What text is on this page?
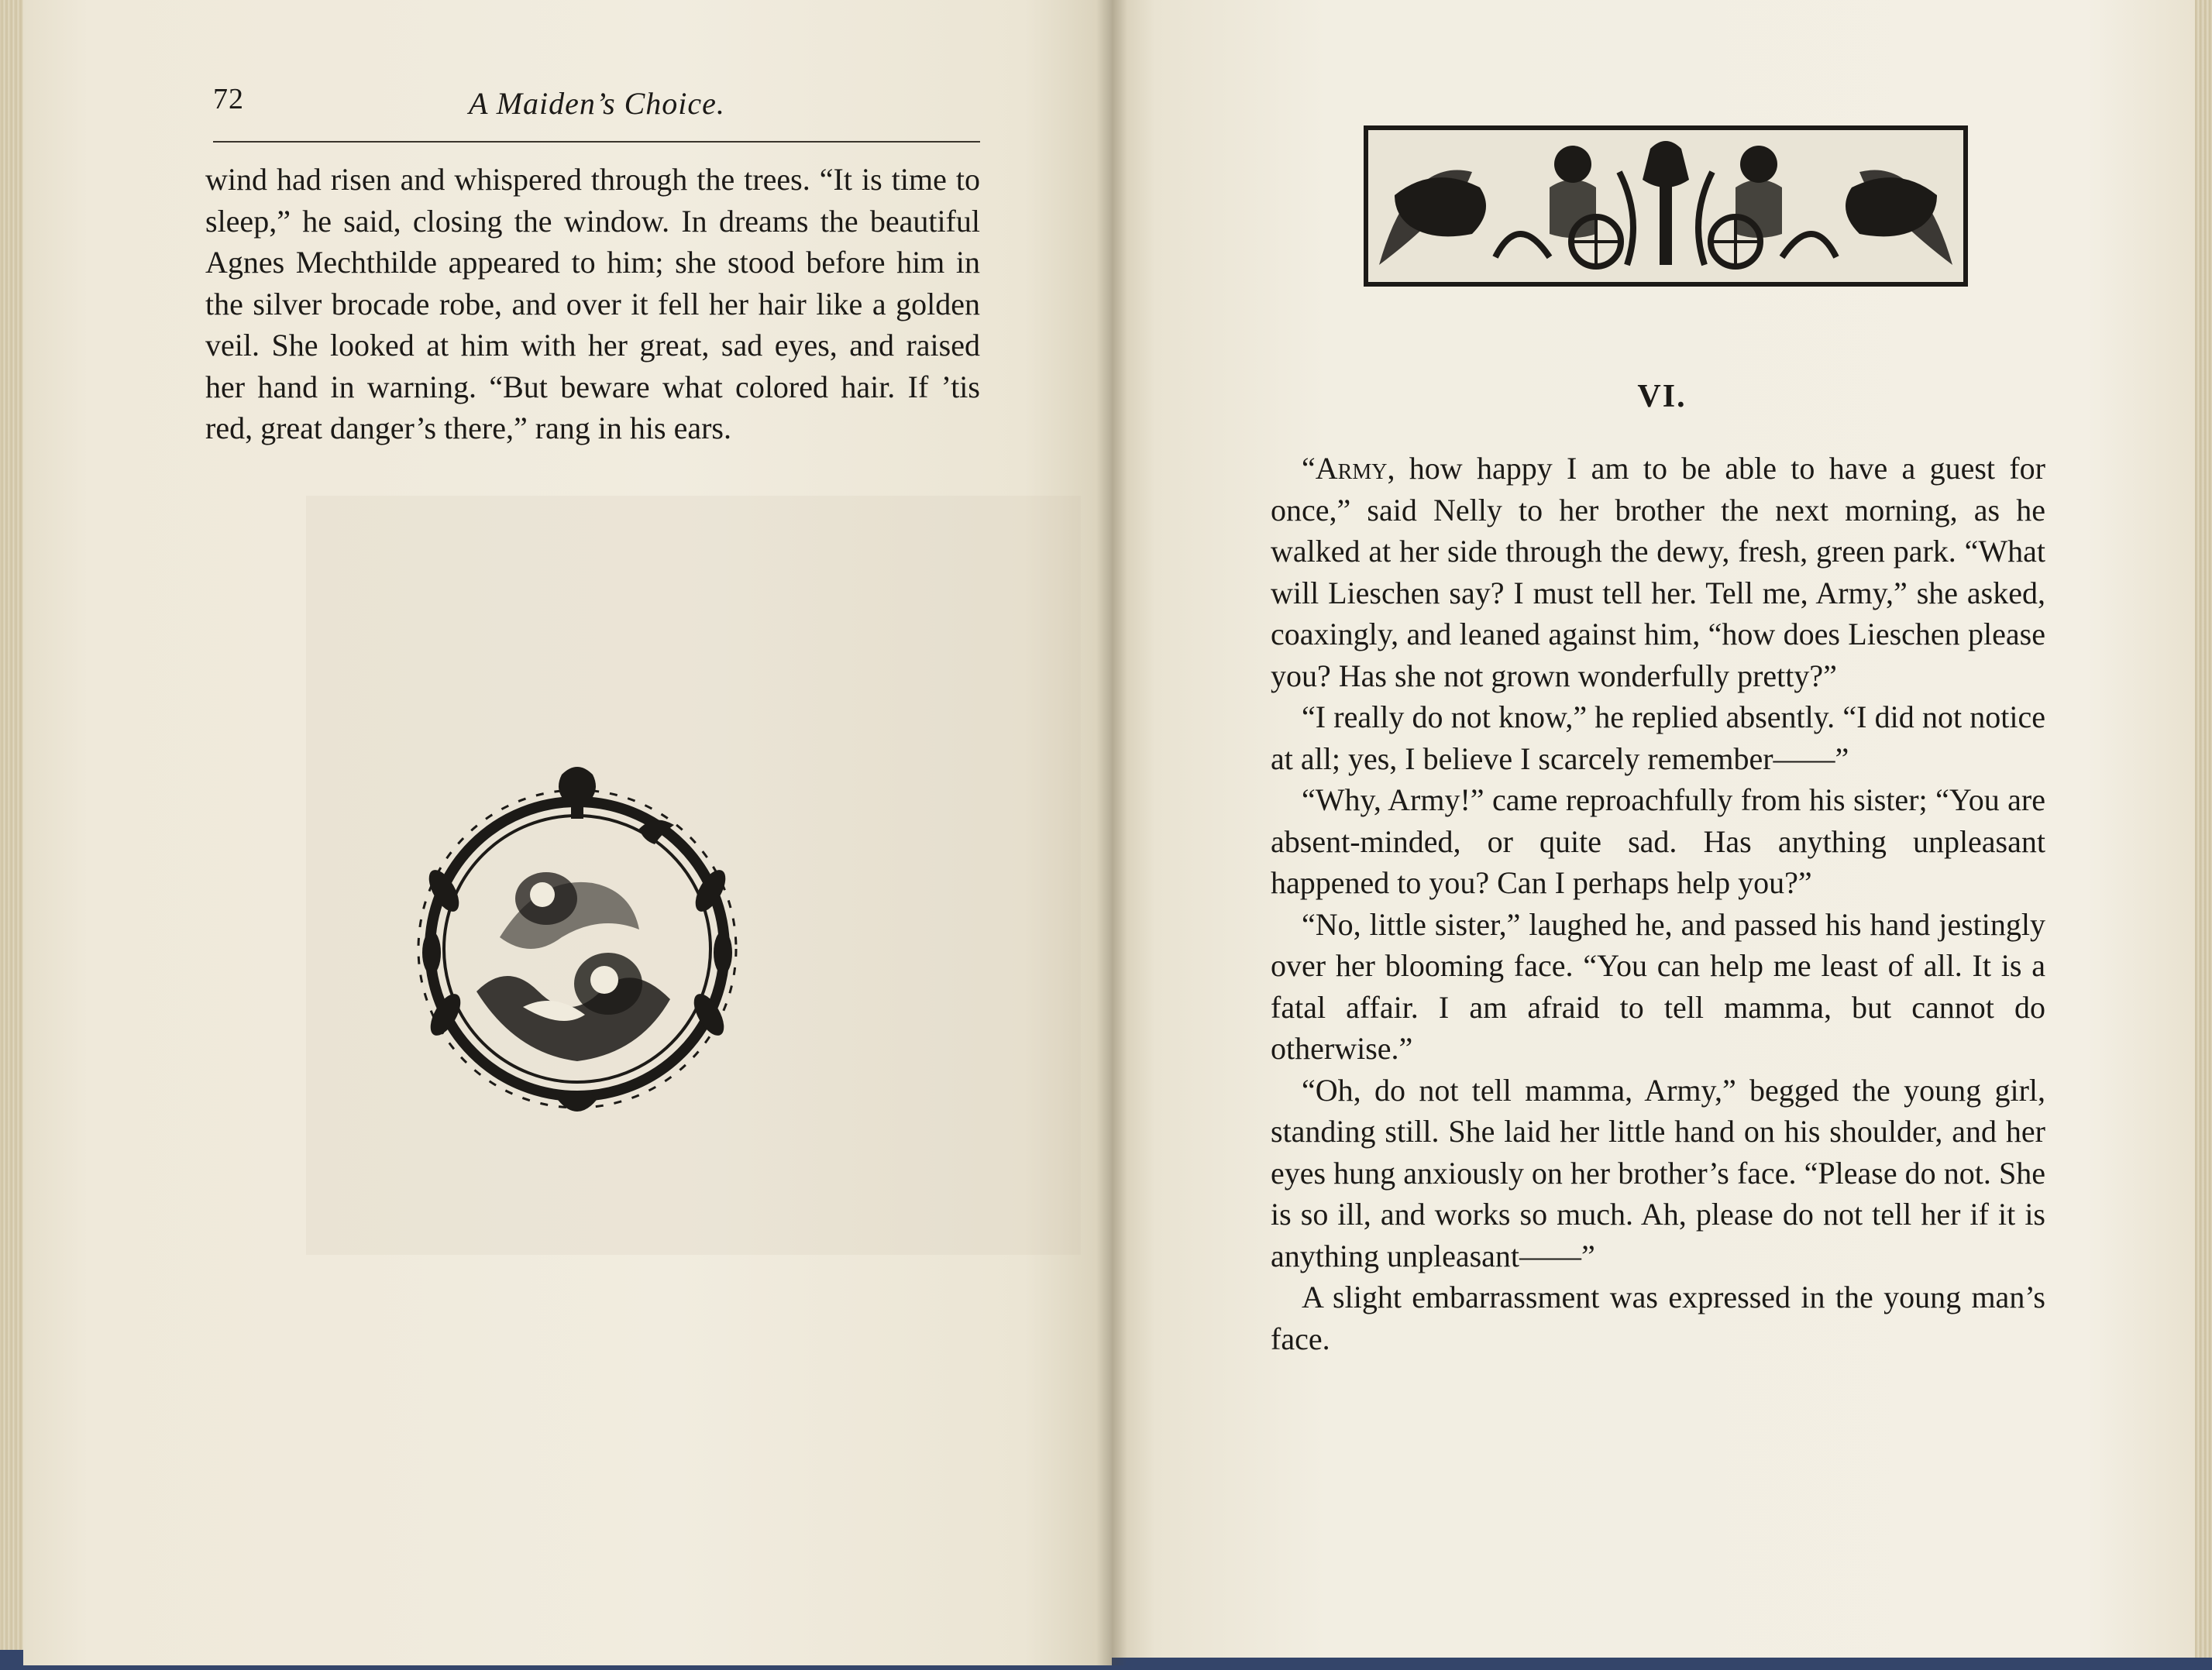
72	A Maiden’s Choice.

wind had risen and whispered through the trees. “It is time to sleep,” he said, closing the window. In dreams the beautiful Agnes Mechthilde appeared to him; she stood before him in the silver brocade robe, and over it fell her hair like a golden veil. She looked at him with her great, sad eyes, and raised her hand in warning. “But beware what colored hair. If ’tis red, great danger’s there,” rang in his ears.

VI.

“Army, how happy I am to be able to have a guest for once,” said Nelly to her brother the next morning, as he walked at her side through the dewy, fresh, green park. “What will Lieschen say? I must tell her. Tell me, Army,” she asked, coaxingly, and leaned against him, “how does Lieschen please you? Has she not grown wonderfully pretty?”

“I really do not know,” he replied absently. “I did not notice at all; yes, I believe I scarcely remember——”

“Why, Army!” came reproachfully from his sister; “You are absent-minded, or quite sad. Has anything unpleasant happened to you? Can I perhaps help you?”

“No, little sister,” laughed he, and passed his hand jestingly over her blooming face. “You can help me least of all. It is a fatal affair. I am afraid to tell mamma, but cannot do otherwise.”

“Oh, do not tell mamma, Army,” begged the young girl, standing still. She laid her little hand on his shoulder, and her eyes hung anxiously on her brother’s face. “Please do not. She is so ill, and works so much. Ah, please do not tell her if it is anything unpleasant——”

A slight embarrassment was expressed in the young man’s face.
